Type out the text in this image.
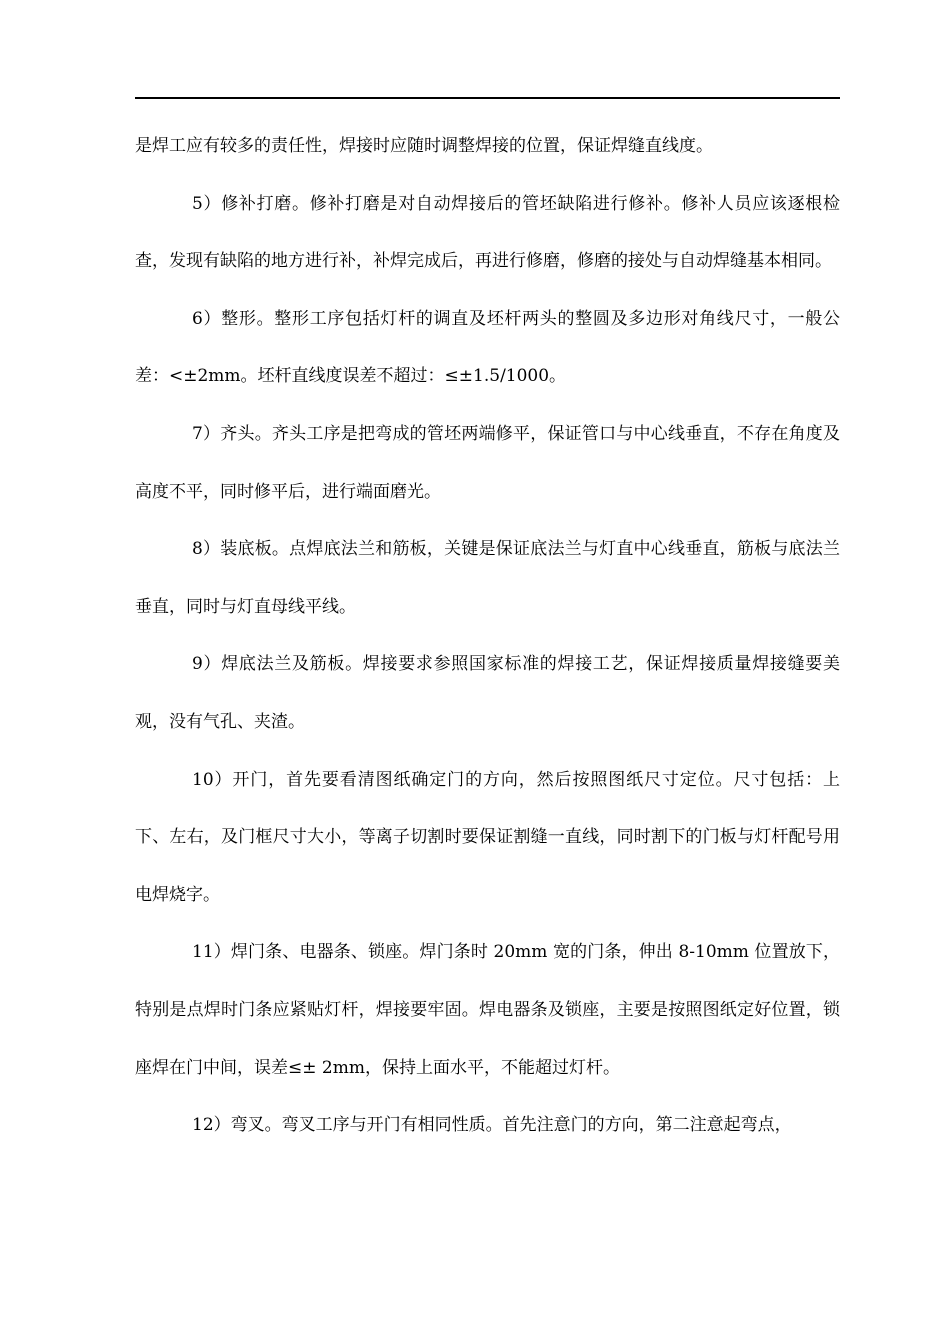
是焊工应有较多的责任性，焊接时应随时调整焊接的位置，保证焊缝直线度。

5）修补打磨。修补打磨是对自动焊接后的管坯缺陷进行修补。修补人员应该逐根检查，发现有缺陷的地方进行补，补焊完成后，再进行修磨，修磨的接处与自动焊缝基本相同。

6）整形。整形工序包括灯杆的调直及坯杆两头的整圆及多边形对角线尺寸，一般公差：<±2mm。坯杆直线度误差不超过：≤±1.5/1000。

7）齐头。齐头工序是把弯成的管坯两端修平，保证管口与中心线垂直，不存在角度及高度不平，同时修平后，进行端面磨光。

8）装底板。点焊底法兰和筋板，关键是保证底法兰与灯直中心线垂直，筋板与底法兰垂直，同时与灯直母线平线。

9）焊底法兰及筋板。焊接要求参照国家标准的焊接工艺，保证焊接质量焊接缝要美观，没有气孔、夹渣。

10）开门，首先要看清图纸确定门的方向，然后按照图纸尺寸定位。尺寸包括：上下、左右，及门框尺寸大小，等离子切割时要保证割缝一直线，同时割下的门板与灯杆配号用电焊烧字。

11）焊门条、电器条、锁座。焊门条时 20mm 宽的门条，伸出 8-10mm 位置放下，特别是点焊时门条应紧贴灯杆，焊接要牢固。焊电器条及锁座，主要是按照图纸定好位置，锁座焊在门中间，误差≤± 2mm，保持上面水平，不能超过灯杆。

12）弯叉。弯叉工序与开门有相同性质。首先注意门的方向，第二注意起弯点，
